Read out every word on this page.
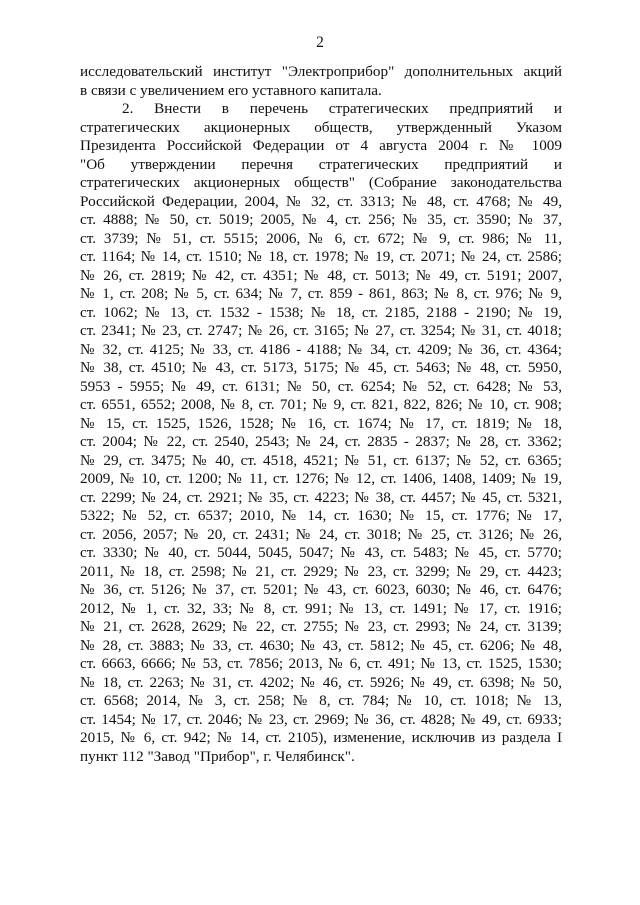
2
исследовательский институт "Электроприбор" дополнительных акций
в связи с увеличением его уставного капитала.
2. Внести в перечень стратегических предприятий и
стратегических акционерных обществ, утвержденный Указом
Президента Российской Федерации от 4 августа 2004 г. № 1009
"Об утверждении перечня стратегических предприятий и
стратегических акционерных обществ" (Собрание законодательства
Российской Федерации, 2004, № 32, ст. 3313; № 48, ст. 4768; № 49,
ст. 4888; № 50, ст. 5019; 2005, № 4, ст. 256; № 35, ст. 3590; № 37,
ст. 3739; № 51, ст. 5515; 2006, № 6, ст. 672; № 9, ст. 986; № 11,
ст. 1164; № 14, ст. 1510; № 18, ст. 1978; № 19, ст. 2071; № 24, ст. 2586;
№ 26, ст. 2819; № 42, ст. 4351; № 48, ст. 5013; № 49, ст. 5191; 2007,
№ 1, ст. 208; № 5, ст. 634; № 7, ст. 859 - 861, 863; № 8, ст. 976; № 9,
ст. 1062; № 13, ст. 1532 - 1538; № 18, ст. 2185, 2188 - 2190; № 19,
ст. 2341; № 23, ст. 2747; № 26, ст. 3165; № 27, ст. 3254; № 31, ст. 4018;
№ 32, ст. 4125; № 33, ст. 4186 - 4188; № 34, ст. 4209; № 36, ст. 4364;
№ 38, ст. 4510; № 43, ст. 5173, 5175; № 45, ст. 5463; № 48, ст. 5950,
5953 - 5955; № 49, ст. 6131; № 50, ст. 6254; № 52, ст. 6428; № 53,
ст. 6551, 6552; 2008, № 8, ст. 701; № 9, ст. 821, 822, 826; № 10, ст. 908;
№ 15, ст. 1525, 1526, 1528; № 16, ст. 1674; № 17, ст. 1819; № 18,
ст. 2004; № 22, ст. 2540, 2543; № 24, ст. 2835 - 2837; № 28, ст. 3362;
№ 29, ст. 3475; № 40, ст. 4518, 4521; № 51, ст. 6137; № 52, ст. 6365;
2009, № 10, ст. 1200; № 11, ст. 1276; № 12, ст. 1406, 1408, 1409; № 19,
ст. 2299; № 24, ст. 2921; № 35, ст. 4223; № 38, ст. 4457; № 45, ст. 5321,
5322; № 52, ст. 6537; 2010, № 14, ст. 1630; № 15, ст. 1776; № 17,
ст. 2056, 2057; № 20, ст. 2431; № 24, ст. 3018; № 25, ст. 3126; № 26,
ст. 3330; № 40, ст. 5044, 5045, 5047; № 43, ст. 5483; № 45, ст. 5770;
2011, № 18, ст. 2598; № 21, ст. 2929; № 23, ст. 3299; № 29, ст. 4423;
№ 36, ст. 5126; № 37, ст. 5201; № 43, ст. 6023, 6030; № 46, ст. 6476;
2012, № 1, ст. 32, 33; № 8, ст. 991; № 13, ст. 1491; № 17, ст. 1916;
№ 21, ст. 2628, 2629; № 22, ст. 2755; № 23, ст. 2993; № 24, ст. 3139;
№ 28, ст. 3883; № 33, ст. 4630; № 43, ст. 5812; № 45, ст. 6206; № 48,
ст. 6663, 6666; № 53, ст. 7856; 2013, № 6, ст. 491; № 13, ст. 1525, 1530;
№ 18, ст. 2263; № 31, ст. 4202; № 46, ст. 5926; № 49, ст. 6398; № 50,
ст. 6568; 2014, № 3, ст. 258; № 8, ст. 784; № 10, ст. 1018; № 13,
ст. 1454; № 17, ст. 2046; № 23, ст. 2969; № 36, ст. 4828; № 49, ст. 6933;
2015, № 6, ст. 942; № 14, ст. 2105), изменение, исключив из раздела I
пункт 112 "Завод "Прибор", г. Челябинск".
